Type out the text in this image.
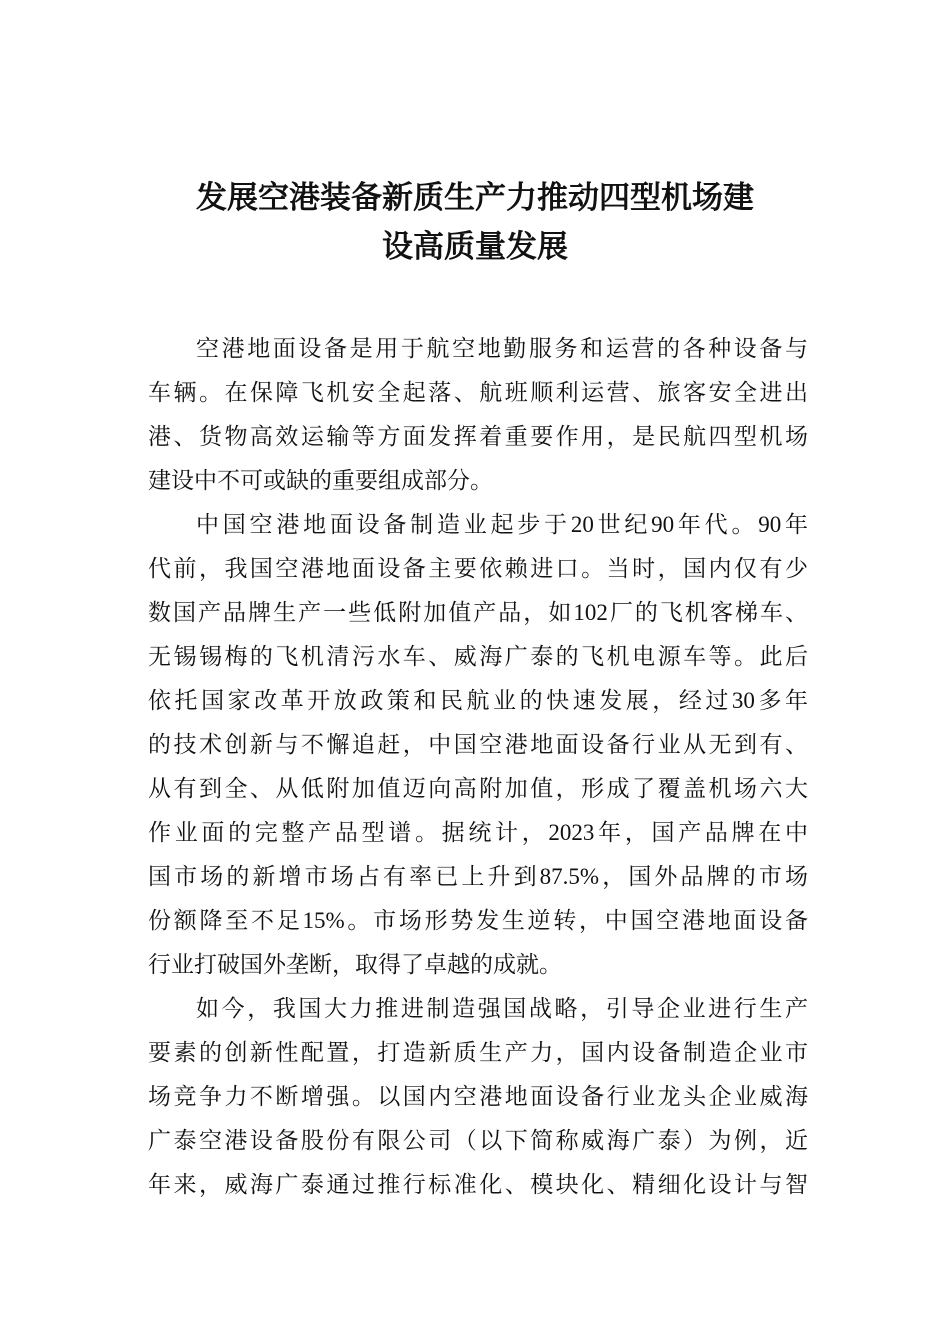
发展空港装备新质生产力推动四型机场建
设高质量发展
空港地面设备是用于航空地勤服务和运营的各种设备与
车辆。在保障飞机安全起落、航班顺利运营、旅客安全进出
港、货物高效运输等方面发挥着重要作用，是民航四型机场
建设中不可或缺的重要组成部分。
中国空港地面设备制造业起步于20世纪90年代。90年
代前，我国空港地面设备主要依赖进口。当时，国内仅有少
数国产品牌生产一些低附加值产品，如102厂的飞机客梯车、
无锡锡梅的飞机清污水车、威海广泰的飞机电源车等。此后
依托国家改革开放政策和民航业的快速发展，经过30多年
的技术创新与不懈追赶，中国空港地面设备行业从无到有、
从有到全、从低附加值迈向高附加值，形成了覆盖机场六大
作业面的完整产品型谱。据统计，2023年，国产品牌在中
国市场的新增市场占有率已上升到87.5%，国外品牌的市场
份额降至不足15%。市场形势发生逆转，中国空港地面设备
行业打破国外垄断，取得了卓越的成就。
如今，我国大力推进制造强国战略，引导企业进行生产
要素的创新性配置，打造新质生产力，国内设备制造企业市
场竞争力不断增强。以国内空港地面设备行业龙头企业威海
广泰空港设备股份有限公司（以下简称威海广泰）为例，近
年来，威海广泰通过推行标准化、模块化、精细化设计与智
